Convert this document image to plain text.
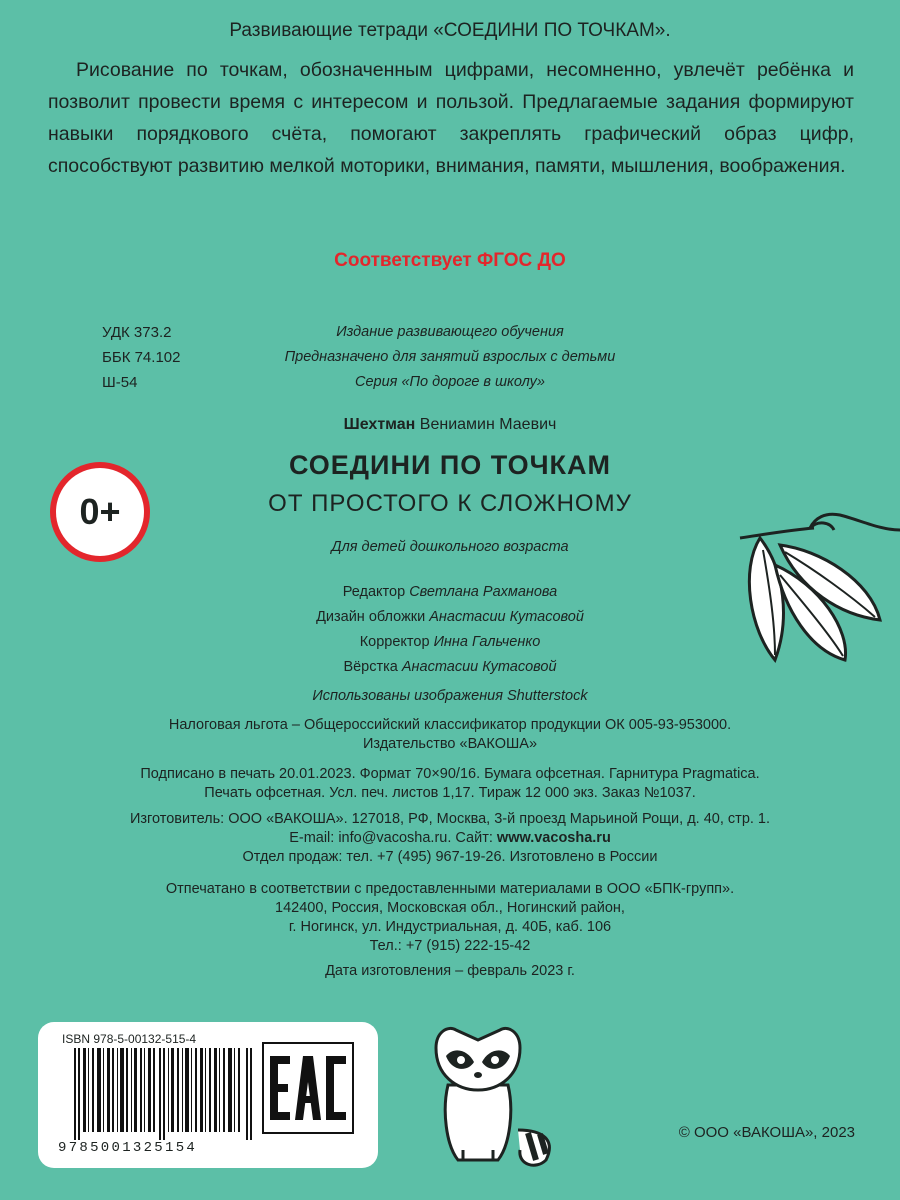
Развивающие тетради «СОЕДИНИ ПО ТОЧКАМ».
Рисование по точкам, обозначенным цифрами, несомненно, увлечёт ребёнка и позволит провести время с интересом и пользой. Предлагаемые задания формируют навыки порядкового счёта, помогают закреплять графический образ цифр, способствуют развитию мелкой моторики, внимания, памяти, мышления, воображения.
Соответствует ФГОС ДО
УДК 373.2
ББК 74.102
Ш-54
Издание развивающего обучения
Предназначено для занятий взрослых с детьми
Серия «По дороге в школу»
Шехтман Вениамин Маевич
СОЕДИНИ ПО ТОЧКАМ
ОТ ПРОСТОГО К СЛОЖНОМУ
0+
Для детей дошкольного возраста
Редактор Светлана Рахманова
Дизайн обложки Анастасии Кутасовой
Корректор Инна Гальченко
Вёрстка Анастасии Кутасовой
Использованы изображения Shutterstock
Налоговая льгота – Общероссийский классификатор продукции ОК 005-93-953000.
Издательство «ВАКОША»
Подписано в печать 20.01.2023. Формат 70×90/16. Бумага офсетная. Гарнитура Pragmatica.
Печать офсетная. Усл. печ. листов 1,17. Тираж 12 000 экз. Заказ №1037.
Изготовитель: ООО «ВАКОША». 127018, РФ, Москва, 3-й проезд Марьиной Рощи, д. 40, стр. 1.
E-mail: info@vacosha.ru. Сайт: www.vacosha.ru
Отдел продаж: тел. +7 (495) 967-19-26. Изготовлено в России
Отпечатано в соответствии с предоставленными материалами в ООО «БПК-групп».
142400, Россия, Московская обл., Ногинский район,
г. Ногинск, ул. Индустриальная, д. 40Б, каб. 106
Тел.: +7 (915) 222-15-42
Дата изготовления – февраль 2023 г.
ISBN 978-5-00132-515-4
9785001325154
© ООО «ВАКОША», 2023
